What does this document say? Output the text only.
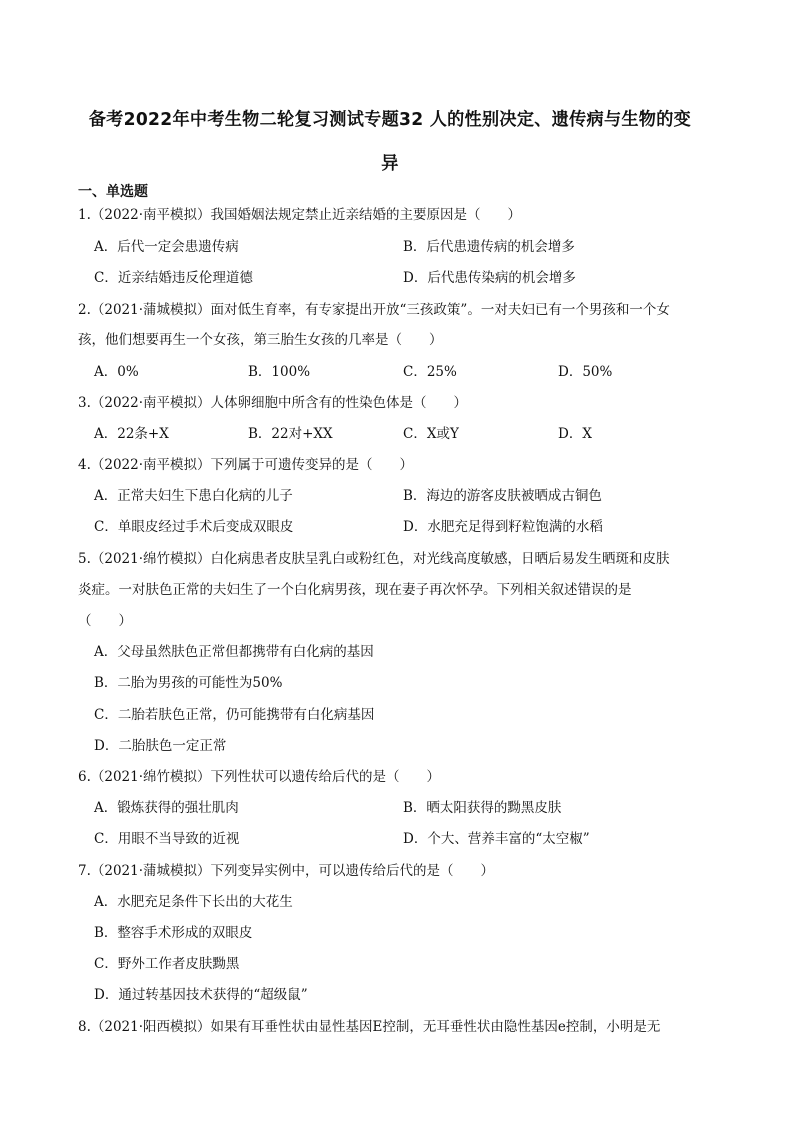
备考2022年中考生物二轮复习测试专题32 人的性别决定、遗传病与生物的变
异
一、单选题
1.（2022·南平模拟）我国婚姻法规定禁止近亲结婚的主要原因是（　　）
A．后代一定会患遗传病	B．后代患遗传病的机会增多
C．近亲结婚违反伦理道德	D．后代患传染病的机会增多
2.（2021·蒲城模拟）面对低生育率，有专家提出开放“三孩政策”。一对夫妇已有一个男孩和一个女
孩，他们想要再生一个女孩，第三胎生女孩的几率是（　　）
A．0%	B．100%	C．25%	D．50%
3.（2022·南平模拟）人体卵细胞中所含有的性染色体是（　　）
A．22条+X	B．22对+XX	C．X或Y	D．X
4.（2022·南平模拟）下列属于可遗传变异的是（　　）
A．正常夫妇生下患白化病的儿子	B．海边的游客皮肤被晒成古铜色
C．单眼皮经过手术后变成双眼皮	D．水肥充足得到籽粒饱满的水稻
5.（2021·绵竹模拟）白化病患者皮肤呈乳白或粉红色，对光线高度敏感，日晒后易发生晒斑和皮肤
炎症。一对肤色正常的夫妇生了一个白化病男孩，现在妻子再次怀孕。下列相关叙述错误的是
（　　）
A．父母虽然肤色正常但都携带有白化病的基因
B．二胎为男孩的可能性为50%
C．二胎若肤色正常，仍可能携带有白化病基因
D．二胎肤色一定正常
6.（2021·绵竹模拟）下列性状可以遗传给后代的是（　　）
A．锻炼获得的强壮肌肉	B．晒太阳获得的黝黑皮肤
C．用眼不当导致的近视	D．个大、营养丰富的“太空椒”
7.（2021·蒲城模拟）下列变异实例中，可以遗传给后代的是（　　）
A．水肥充足条件下长出的大花生
B．整容手术形成的双眼皮
C．野外工作者皮肤黝黑
D．通过转基因技术获得的“超级鼠”
8.（2021·阳西模拟）如果有耳垂性状由显性基因E控制，无耳垂性状由隐性基因e控制，小明是无
